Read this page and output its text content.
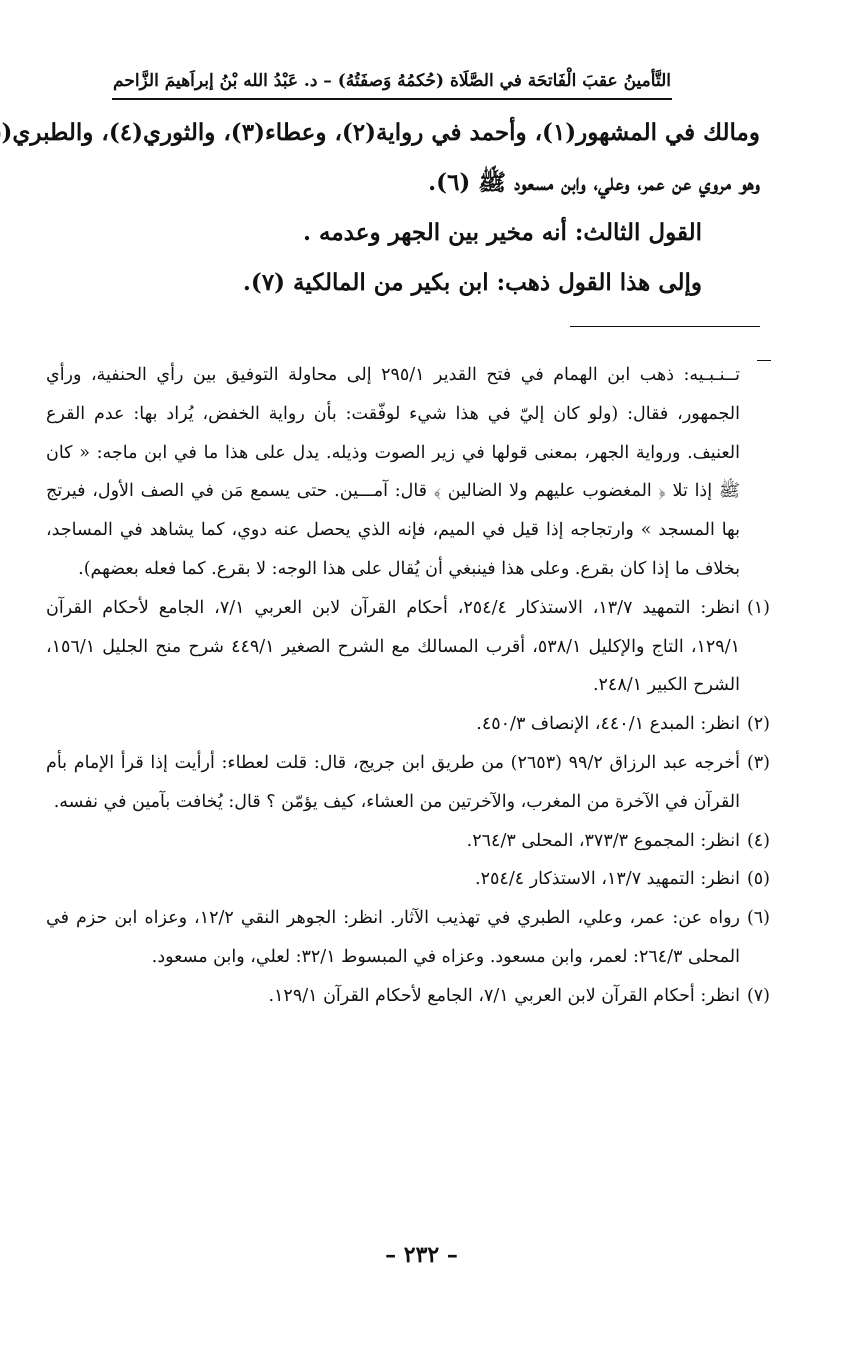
التَّأمينُ عقبَ الْفَاتحَة في الصَّلَاة (حُكمُهُ وَصفَتُهُ) – د. عَبْدُ الله بْنُ إبراَهيمَ الزَّاحم
ومالك في المشهور(١)، وأحمد في رواية(٢)، وعطاء(٣)، والثوري(٤)، والطبري(
وهو مروي عن عمر، وعلي، وابن مسعود ﷺ (٦).
القول الثالث: أنه مخير بين الجهر وعدمه .
وإلى هذا القول ذهب: ابن بكير من المالكية (٧).

تــنـبـيه: ذهب ابن الهمام في فتح القدير ٢٩٥/١ إلى محاولة التوفيق بين رأي الحنفية، ورأي الجمهور، فقال: (ولو كان إليّ في هذا شيء لوفّقت: بأن رواية الخفض، يُراد بها: عدم القرع العنيف. ورواية الجهر، بمعنى قولها في زير الصوت وذيله. يدل على هذا ما في ابن ماجه: « كان ﷺ إذا تلا ﴿ المغضوب عليهم ولا الضالين ﴾ قال: آمـــين. حتى يسمع مَن في الصف الأول، فيرتج بها المسجد » وارتجاجه إذا قيل في الميم، فإنه الذي يحصل عنه دوي، كما يشاهد في المساجد، بخلاف ما إذا كان بقرع. وعلى هذا فينبغي أن يُقال على هذا الوجه: لا بقرع. كما فعله بعضهم).

(١)
انظر: التمهيد ١٣/٧، الاستذكار ٢٥٤/٤، أحكام القرآن لابن العربي ٧/١، الجامع لأحكام القرآن ١٢٩/١، التاج والإكليل ٥٣٨/١، أقرب المسالك مع الشرح الصغير ٤٤٩/١ شرح منح الجليل ١٥٦/١، الشرح الكبير ٢٤٨/١.

(٢)
انظر: المبدع ٤٤٠/١، الإنصاف ٤٥٠/٣.

(٣)
أخرجه عبد الرزاق ٩٩/٢ (٢٦٥٣) من طريق ابن جريج، قال: قلت لعطاء: أرأيت إذا قرأ الإمام بأم القرآن في الآخرة من المغرب، والآخرتين من العشاء، كيف يؤمّن ؟ قال: يُخافت بآمين في نفسه.

(٤)
انظر: المجموع ٣٧٣/٣، المحلى ٢٦٤/٣.

(٥)
انظر: التمهيد ١٣/٧، الاستذكار ٢٥٤/٤.

(٦)
رواه عن: عمر، وعلي، الطبري في تهذيب الآثار. انظر: الجوهر النقي ١٢/٢، وعزاه ابن حزم في المحلى ٢٦٤/٣: لعمر، وابن مسعود. وعزاه في المبسوط ٣٢/١: لعلي، وابن مسعود.

(٧)
انظر: أحكام القرآن لابن العربي ٧/١، الجامع لأحكام القرآن ١٢٩/١.

– ٢٣٢ –
